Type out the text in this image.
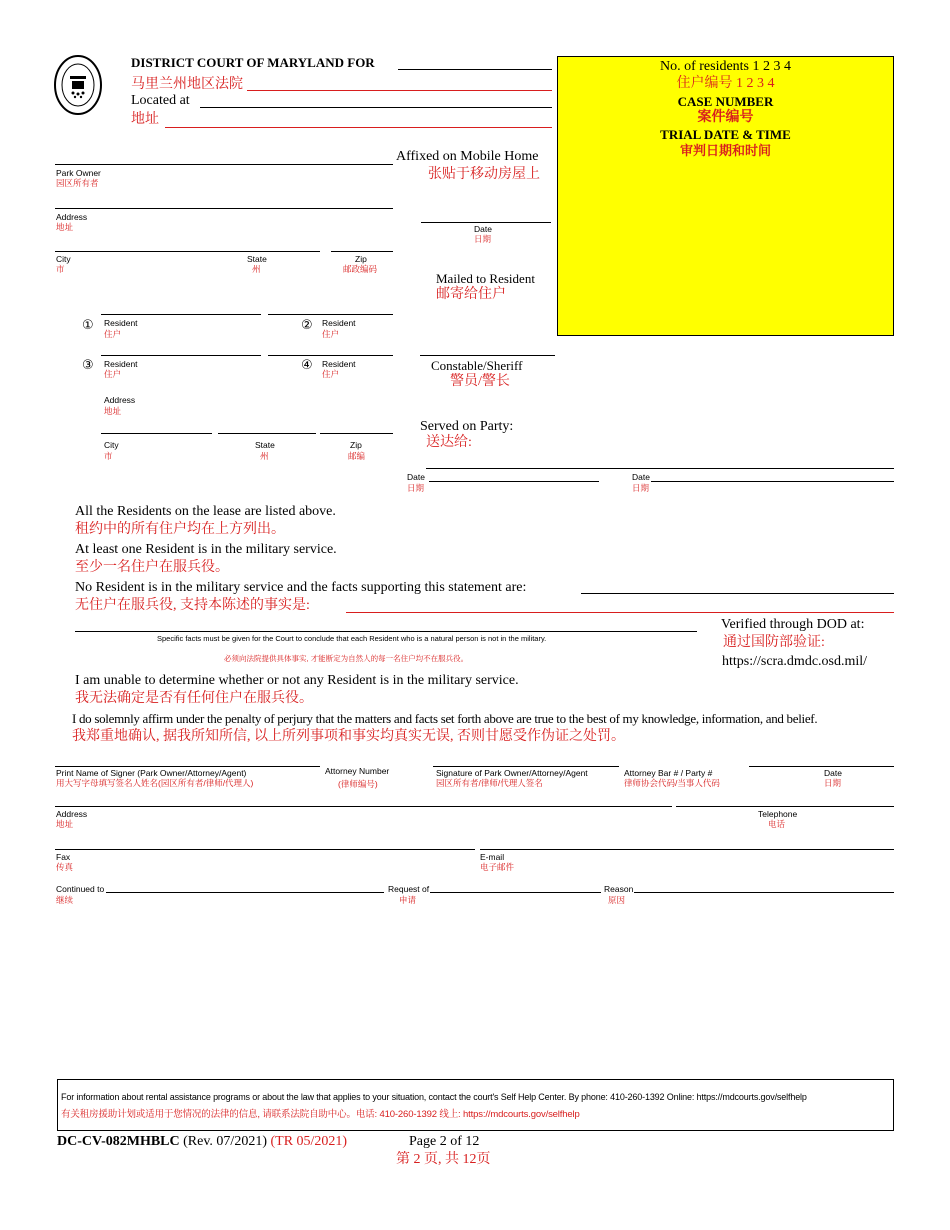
DISTRICT COURT OF MARYLAND FOR
马里兰州地区法院
Located at
地址
No. of residents 1 2 3 4
住户编号 1 2 3 4
CASE NUMBER
案件编号
TRIAL DATE & TIME
审判日期和时间
Affixed on Mobile Home
张贴于移动房屋上
Park Owner
园区所有者
Address
地址	Date
日期
City
市
State
州
Zip
邮政编码
Mailed to Resident
邮寄给住户
① Resident
住户
② Resident
住户
③ Resident
住户
④ Resident
住户
Constable/Sheriff
警员/警长
Address
地址
Served on Party:
送达给:
City
市
State
州
Zip
邮编
Date
日期
Date
日期
All the Residents on the lease are listed above.
租约中的所有住户均在上方列出。
At least one Resident is in the military service.
至少一名住户在服兵役。
No Resident is in the military service and the facts supporting this statement are:
无住户在服兵役, 支持本陈述的事实是:
Verified through DOD at:
通过国防部验证:
https://scra.dmdc.osd.mil/
Specific facts must be given for the Court to conclude that each Resident who is a natural person is not in the military.
必须向法院提供具体事实, 才能断定为自然人的每一名住户均不在服兵役。
I am unable to determine whether or not any Resident is in the military service.
我无法确定是否有任何住户在服兵役。
I do solemnly affirm under the penalty of perjury that the matters and facts set forth above are true to the best of my knowledge, information, and belief.
我郑重地确认, 据我所知所信, 以上所列事项和事实均真实无误, 否则甘愿受作伪证之处罚。
Print Name of Signer (Park Owner/Attorney/Agent)
用大写字母填写签名人姓名(园区所有者/律师/代理人)
Attorney Number
(律师编号)
Signature of Park Owner/Attorney/Agent
园区所有者/律师/代理人签名
Attorney Bar # / Party #
律师协会代码/当事人代码
Date
日期
Address
地址
Telephone
电话
Fax
传真
E-mail
电子邮件
Continued to
继续
Request of
申请
Reason
原因
For information about rental assistance programs or about the law that applies to your situation, contact the court's Self Help Center. By phone: 410-260-1392 Online: https://mdcourts.gov/selfhelp
有关租房援助计划或适用于您情况的法律的信息, 请联系法院自助中心。电话: 410-260-1392 线上: https://mdcourts.gov/selfhelp
DC-CV-082MHBLC (Rev. 07/2021) (TR 05/2021)	Page 2 of 12
第 2 页, 共 12页
